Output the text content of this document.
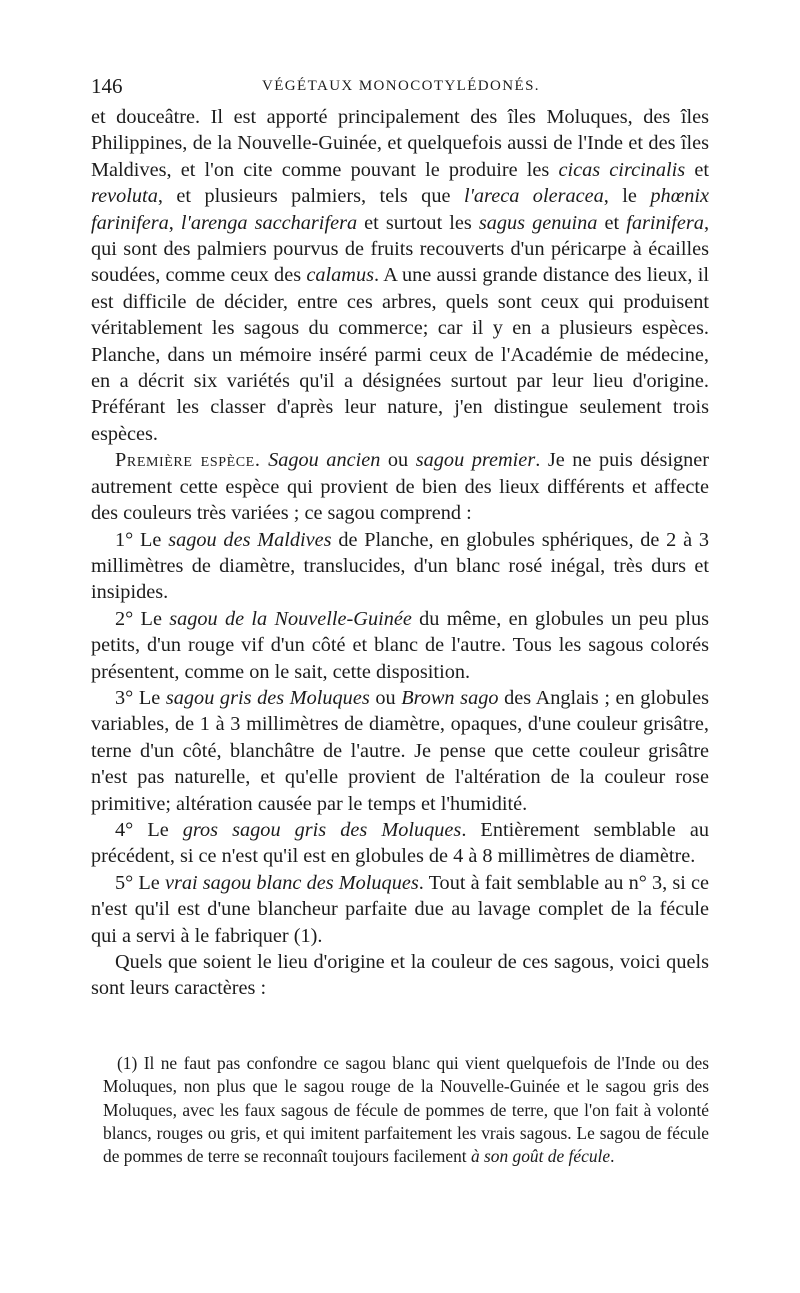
146	VÉGÉTAUX MONOCOTYLÉDONÉS.

et douceâtre. Il est apporté principalement des îles Moluques, des îles Philippines, de la Nouvelle-Guinée, et quelquefois aussi de l'Inde et des îles Maldives, et l'on cite comme pouvant le produire les cicas circinalis et revoluta, et plusieurs palmiers, tels que l'areca oleracea, le phœnix farinifera, l'arenga saccharifera et surtout les sagus genuina et farinifera, qui sont des palmiers pourvus de fruits recouverts d'un péricarpe à écailles soudées, comme ceux des calamus. A une aussi grande distance des lieux, il est difficile de décider, entre ces arbres, quels sont ceux qui produisent véritablement les sagous du commerce; car il y en a plusieurs espèces. Planche, dans un mémoire inséré parmi ceux de l'Académie de médecine, en a décrit six variétés qu'il a désignées surtout par leur lieu d'origine. Préférant les classer d'après leur nature, j'en distingue seulement trois espèces.

Première espèce. Sagou ancien ou sagou premier. Je ne puis désigner autrement cette espèce qui provient de bien des lieux différents et affecte des couleurs très variées ; ce sagou comprend :

1° Le sagou des Maldives de Planche, en globules sphériques, de 2 à 3 millimètres de diamètre, translucides, d'un blanc rosé inégal, très durs et insipides.

2° Le sagou de la Nouvelle-Guinée du même, en globules un peu plus petits, d'un rouge vif d'un côté et blanc de l'autre. Tous les sagous colorés présentent, comme on le sait, cette disposition.

3° Le sagou gris des Moluques ou Brown sago des Anglais ; en globules variables, de 1 à 3 millimètres de diamètre, opaques, d'une couleur grisâtre, terne d'un côté, blanchâtre de l'autre. Je pense que cette couleur grisâtre n'est pas naturelle, et qu'elle provient de l'altération de la couleur rose primitive; altération causée par le temps et l'humidité.

4° Le gros sagou gris des Moluques. Entièrement semblable au précédent, si ce n'est qu'il est en globules de 4 à 8 millimètres de diamètre.

5° Le vrai sagou blanc des Moluques. Tout à fait semblable au n° 3, si ce n'est qu'il est d'une blancheur parfaite due au lavage complet de la fécule qui a servi à le fabriquer (1).

Quels que soient le lieu d'origine et la couleur de ces sagous, voici quels sont leurs caractères :

(1) Il ne faut pas confondre ce sagou blanc qui vient quelquefois de l'Inde ou des Moluques, non plus que le sagou rouge de la Nouvelle-Guinée et le sagou gris des Moluques, avec les faux sagous de fécule de pommes de terre, que l'on fait à volonté blancs, rouges ou gris, et qui imitent parfaitement les vrais sagous. Le sagou de fécule de pommes de terre se reconnaît toujours facilement à son goût de fécule.
